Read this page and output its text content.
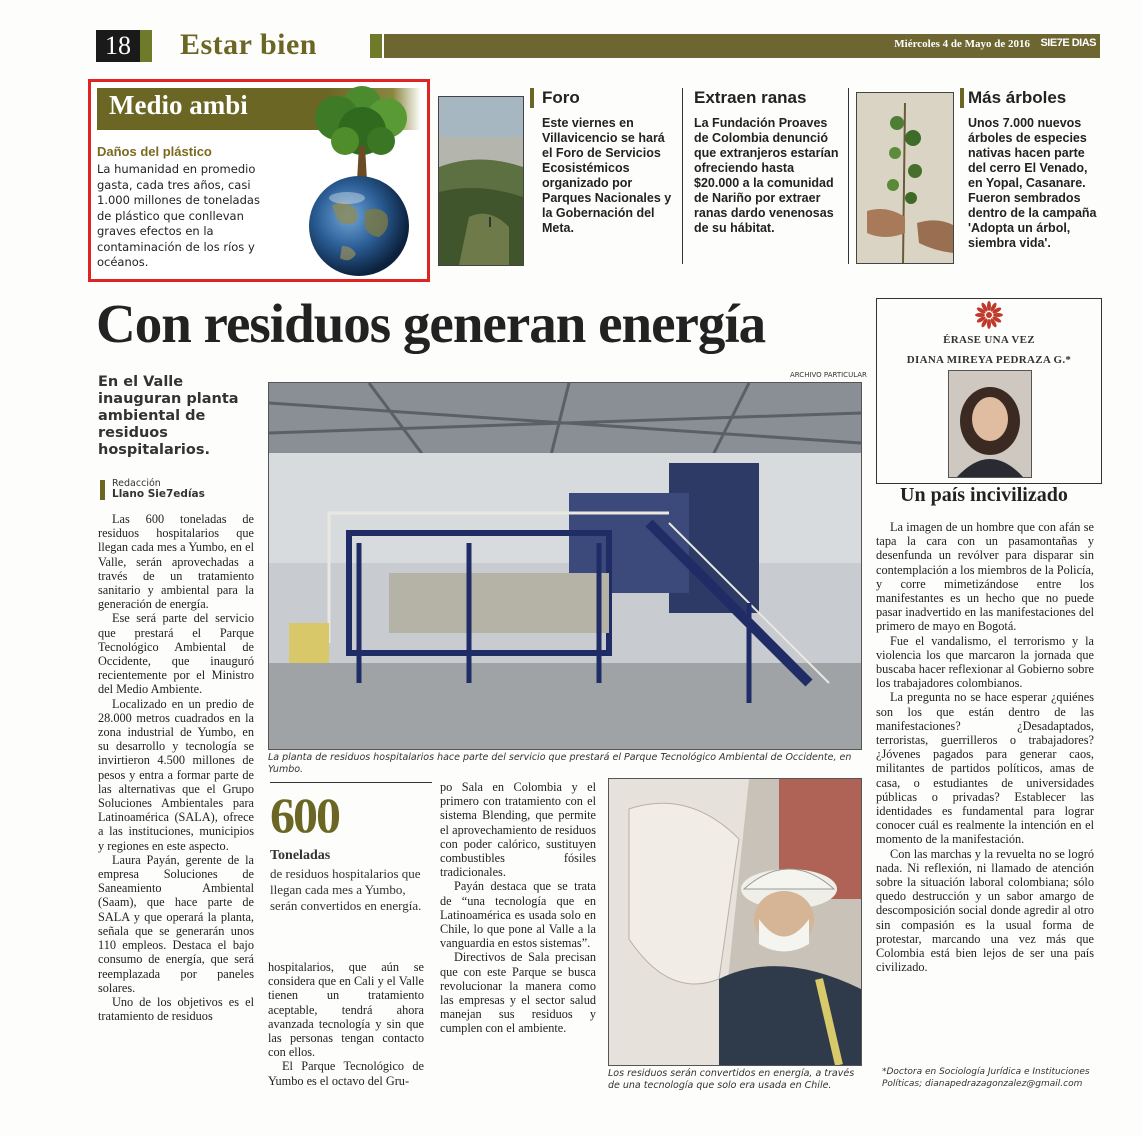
18	Estar bien	Miércoles 4 de Mayo de 2016 SIE7E DIAS
Medio ambi
Daños del plástico
La humanidad en promedio gasta, cada tres años, casi 1.000 millones de toneladas de plástico que conllevan graves efectos en la contaminación de los ríos y océanos.
Foro
Este viernes en Villavicencio se hará el Foro de Servicios Ecosistémicos organizado por Parques Nacionales y la Gobernación del Meta.
Extraen ranas
La Fundación Proaves de Colombia denunció que extranjeros estarían ofreciendo hasta $20.000 a la comunidad de Nariño por extraer ranas dardo venenosas de su hábitat.
Más árboles
Unos 7.000 nuevos árboles de especies nativas hacen parte del cerro El Venado, en Yopal, Casanare. Fueron sembrados dentro de la campaña 'Adopta un árbol, siembra vida'.
Con residuos generan energía
En el Valle inauguran planta ambiental de residuos hospitalarios.
Redacción
Llano Sie7edías
ARCHIVO PARTICULAR
La planta de residuos hospitalarios hace parte del servicio que prestará el Parque Tecnológico Ambiental de Occidente, en Yumbo.

Las 600 toneladas de residuos hospitalarios que llegan cada mes a Yumbo, en el Valle, serán aprovechadas a través de un tratamiento sanitario y ambiental para la generación de energía.

Ese será parte del servicio que prestará el Parque Tecnológico Ambiental de Occidente, que inauguró recientemente por el Ministro del Medio Ambiente.

Localizado en un predio de 28.000 metros cuadrados en la zona industrial de Yumbo, en su desarrollo y tecnología se invirtieron 4.500 millones de pesos y entra a formar parte de las alternativas que el Grupo Soluciones Ambientales para Latinoamérica (SALA), ofrece a las instituciones, municipios y regiones en este aspecto.

Laura Payán, gerente de la empresa Soluciones de Saneamiento Ambiental (Saam), que hace parte de SALA y que operará la planta, señala que se generarán unos 110 empleos. Destaca el bajo consumo de energía, que será reemplazada por paneles solares.

Uno de los objetivos es el tratamiento de residuos

600
Toneladas
de residuos hospitalarios que llegan cada mes a Yumbo, serán convertidos en energía.

hospitalarios, que aún se considera que en Cali y el Valle tienen un tratamiento aceptable, tendrá ahora avanzada tecnología y sin que las personas tengan contacto con ellos.

El Parque Tecnológico de Yumbo es el octavo del Gru-

po Sala en Colombia y el primero con tratamiento con el sistema Blending, que permite el aprovechamiento de residuos con poder calórico, sustituyen combustibles fósiles tradicionales.

Payán destaca que se trata de “una tecnología que en Latinoamérica es usada solo en Chile, lo que pone al Valle a la vanguardia en estos sistemas”.

Directivos de Sala precisan que con este Parque se busca revolucionar la manera como las empresas y el sector salud manejan sus residuos y cumplen con el ambiente.

Los residuos serán convertidos en energía, a través de una tecnología que solo era usada en Chile.
ÉRASE UNA VEZ
DIANA MIREYA PEDRAZA G.*
Un país incivilizado

La imagen de un hombre que con afán se tapa la cara con un pasamontañas y desenfunda un revólver para disparar sin contemplación a los miembros de la Policía, y corre mimetizándose entre los manifestantes es un hecho que no puede pasar inadvertido en las manifestaciones del primero de mayo en Bogotá.

Fue el vandalismo, el terrorismo y la violencia los que marcaron la jornada que buscaba hacer reflexionar al Gobierno sobre los trabajadores colombianos.

La pregunta no se hace esperar ¿quiénes son los que están dentro de las manifestaciones? ¿Desadaptados, terroristas, guerrilleros o trabajadores? ¿Jóvenes pagados para generar caos, militantes de partidos políticos, amas de casa, o estudiantes de universidades públicas o privadas? Establecer las identidades es fundamental para lograr conocer cuál es realmente la intención en el momento de la manifestación.

Con las marchas y la revuelta no se logró nada. Ni reflexión, ni llamado de atención sobre la situación laboral colombiana; sólo quedo destrucción y un sabor amargo de descomposición social donde agredir al otro sin compasión es la usual forma de protestar, marcando una vez más que Colombia está bien lejos de ser una país civilizado.

*Doctora en Sociología Jurídica e Instituciones Políticas; dianapedrazagonzalez@gmail.com
